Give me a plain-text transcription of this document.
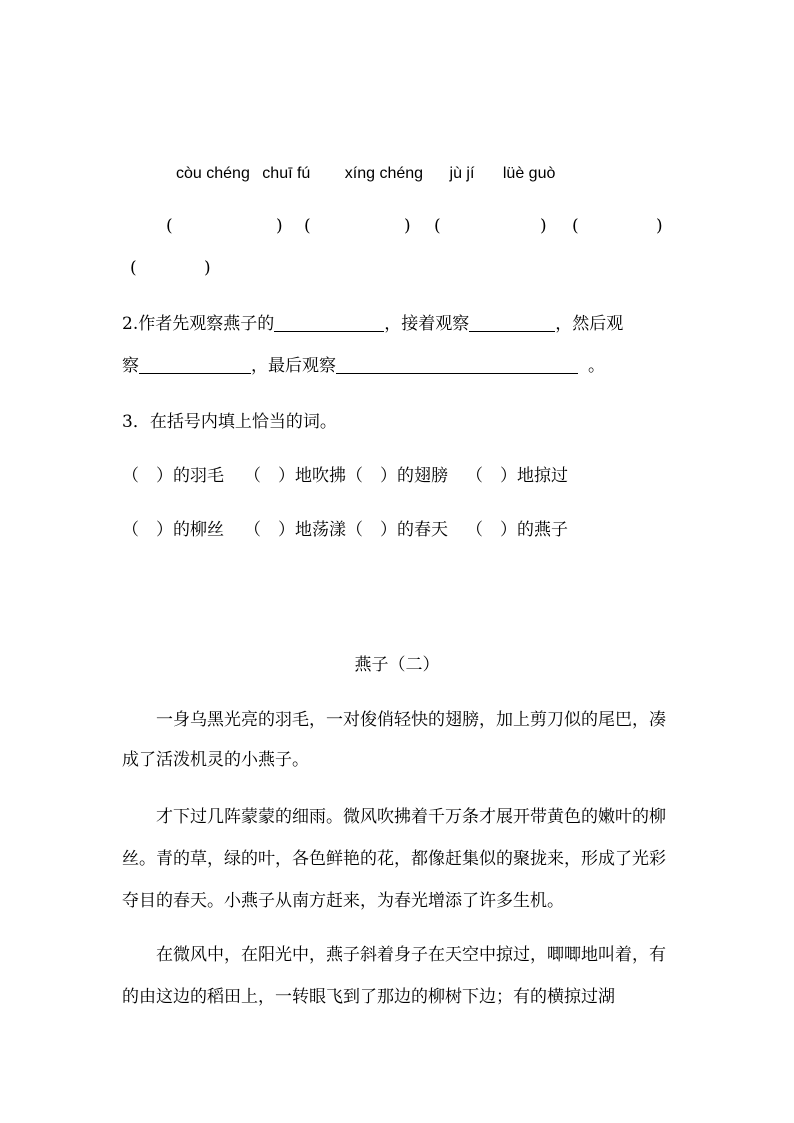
còu chéng chuī fú xíng chéng jù jí lüè guò
(	) (	) (	) (	)
(	)
2.作者先观察燕子的	，接着观察	，然后观
察	，最后观察	。
3．在括号内填上恰当的词。
（　）的羽毛 （　）地吹拂（　）的翅膀 （　）地掠过
（　）的柳丝 （　）地荡漾（　）的春天 （　）的燕子
燕子（二）
一身乌黑光亮的羽毛，一对俊俏轻快的翅膀，加上剪刀似的尾巴，凑成了活泼机灵的小燕子。
才下过几阵蒙蒙的细雨。微风吹拂着千万条才展开带黄色的嫩叶的柳丝。青的草，绿的叶，各色鲜艳的花，都像赶集似的聚拢来，形成了光彩夺目的春天。小燕子从南方赶来，为春光增添了许多生机。
在微风中，在阳光中，燕子斜着身子在天空中掠过，唧唧地叫着，有的由这边的稻田上，一转眼飞到了那边的柳树下边；有的横掠过湖
